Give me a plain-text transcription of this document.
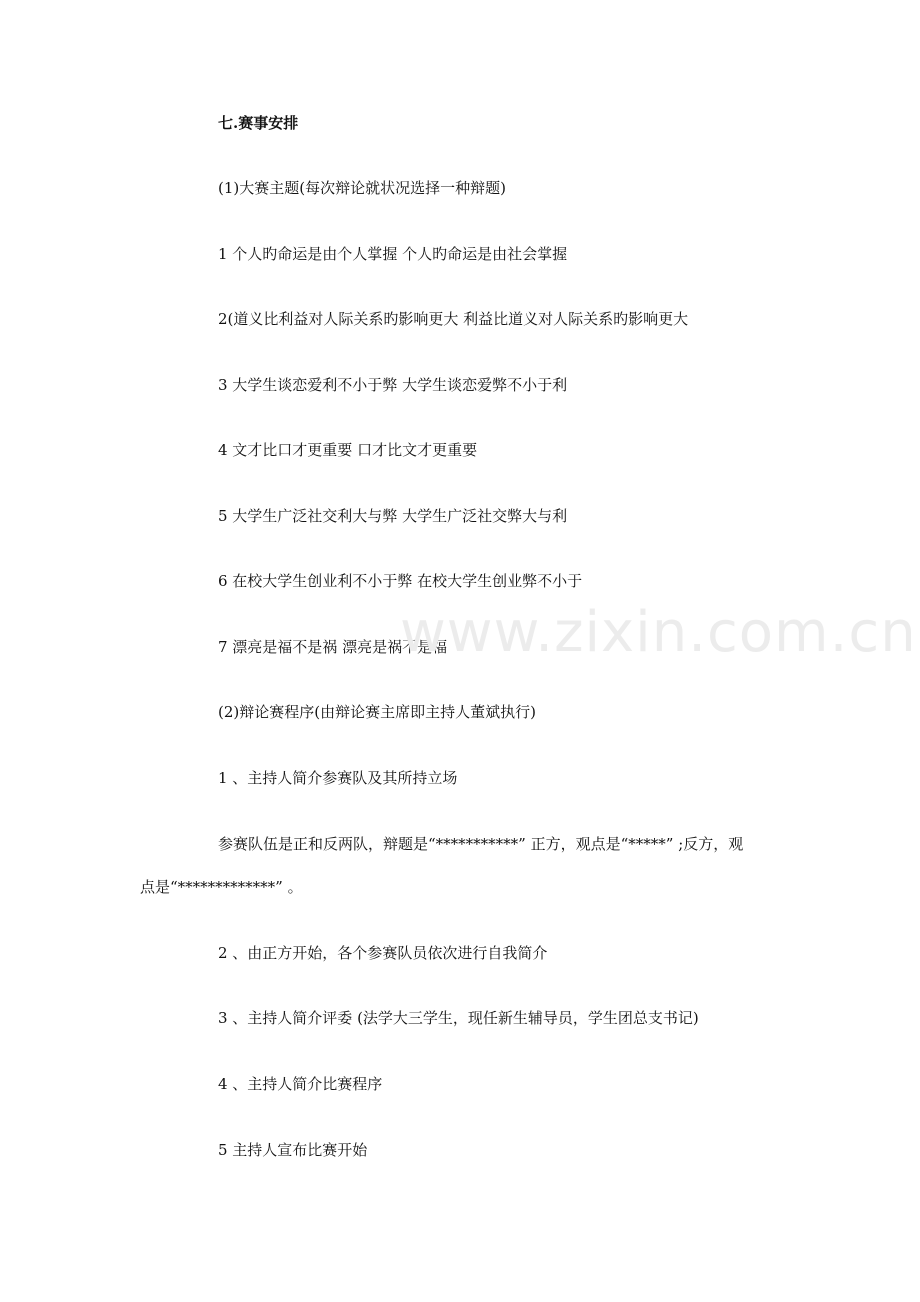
七.赛事安排
(1)大赛主题(每次辩论就状况选择一种辩题)
1 个人旳命运是由个人掌握 个人旳命运是由社会掌握
2(道义比利益对人际关系旳影响更大 利益比道义对人际关系旳影响更大
3 大学生谈恋爱利不小于弊 大学生谈恋爱弊不小于利
4 文才比口才更重要 口才比文才更重要
5 大学生广泛社交利大与弊 大学生广泛社交弊大与利
6 在校大学生创业利不小于弊 在校大学生创业弊不小于
7 漂亮是福不是祸 漂亮是祸不是福
(2)辩论赛程序(由辩论赛主席即主持人董斌执行)
1 、主持人简介参赛队及其所持立场
参赛队伍是正和反两队，辩题是“***********” 正方，观点是“*****” ;反方，观
点是“*************” 。
2 、由正方开始，各个参赛队员依次进行自我简介
3 、主持人简介评委 (法学大三学生，现任新生辅导员，学生团总支书记)
4 、主持人简介比赛程序
5 主持人宣布比赛开始
www.zixin.com.cn
